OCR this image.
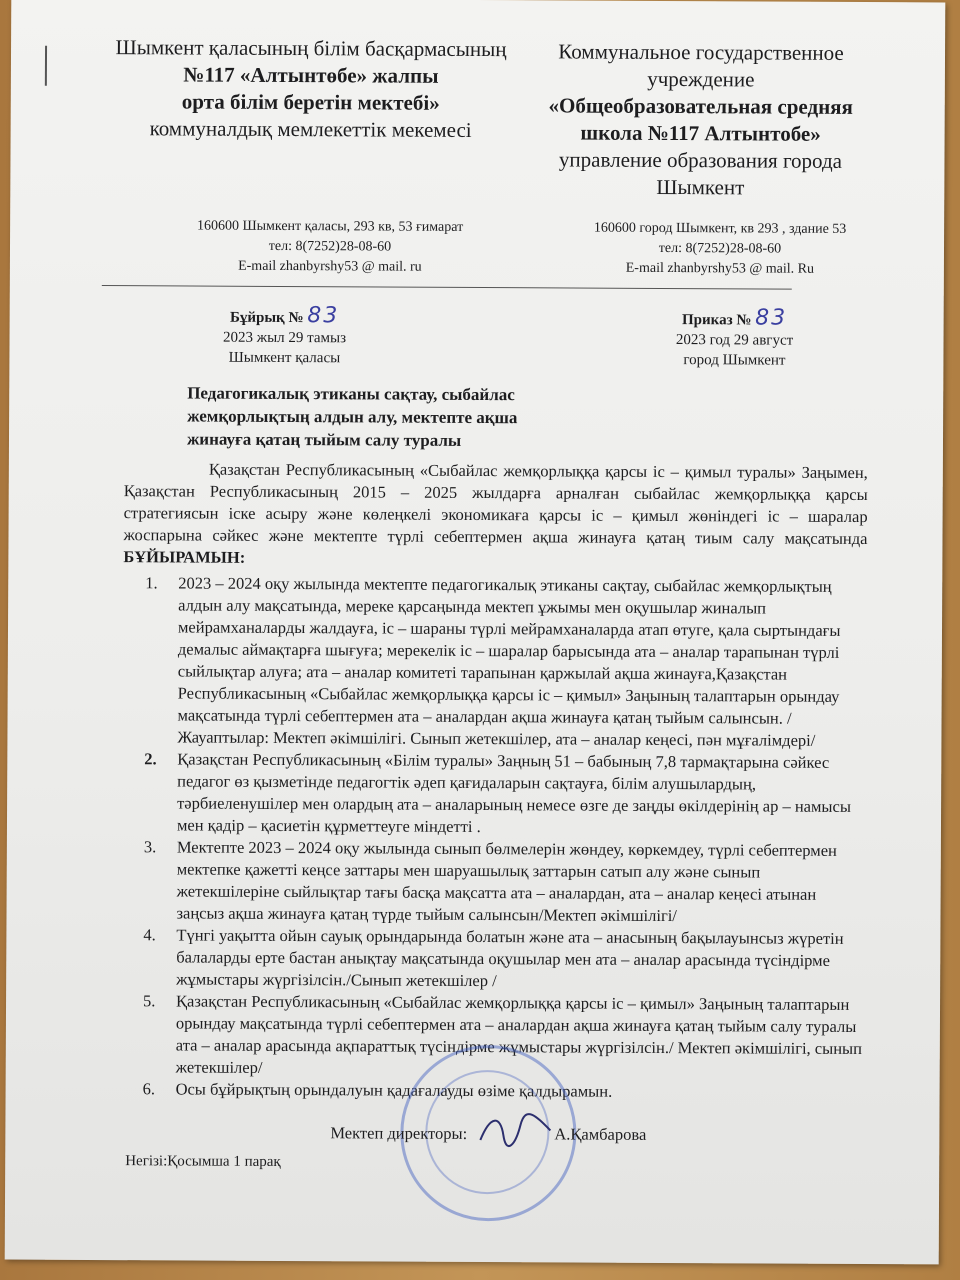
Шымкент қаласының білім басқармасының
№117 «Алтынтөбе» жалпы
орта білім беретін мектебі»
коммуналдық мемлекеттік мекемесі
Коммунальное государственное
учреждение
«Общеобразовательная средняя
школа №117 Алтынтобе»
управление образования города
Шымкент
160600 Шымкент қаласы, 293 кв, 53 ғимарат
тел: 8(7252)28-08-60
E-mail zhanbyrshy53 @ mail. ru
160600 город Шымкент, кв 293 , здание 53
тел: 8(7252)28-08-60
E-mail zhanbyrshy53 @ mail. Ru
Бұйрық № 83
2023 жыл 29 тамыз
Шымкент қаласы
Приказ № 83
2023 год 29 август
город Шымкент
Педагогикалық этиканы сақтау, сыбайлас жемқорлықтың алдын алу, мектепте ақша жинауға қатаң тыйым салу туралы
Қазақстан Республикасының «Сыбайлас жемқорлыққа қарсы іс – қимыл туралы» Заңымен, Қазақстан Республикасының 2015 – 2025 жылдарға арналған сыбайлас жемқорлыққа қарсы стратегиясын іске асыру және көлеңкелі экономикаға қарсы іс – қимыл жөніндегі іс – шаралар жоспарына сәйкес және мектепте түрлі себептермен ақша жинауға қатаң тиым салу мақсатында БҰЙЫРАМЫН:
1. 2023 – 2024 оқу жылында мектепте педагогикалық этиканы сақтау, сыбайлас жемқорлықтың алдын алу мақсатында, мереке қарсаңында мектеп ұжымы мен оқушылар жиналып мейрамханаларды жалдауға, іс – шараны түрлі мейрамханаларда атап өтуге, қала сыртындағы демалыс аймақтарға шығуға; мерекелік іс – шаралар барысында ата – аналар тарапынан түрлі сыйлықтар алуға; ата – аналар комитеті тарапынан қаржылай ақша жинауға,Қазақстан Республикасының «Сыбайлас жемқорлыққа қарсы іс – қимыл» Заңының талаптарын орындау мақсатында түрлі себептермен ата – аналардан ақша жинауға қатаң тыйым салынсын. /Жауаптылар: Мектеп әкімшілігі. Сынып жетекшілер, ата – аналар кеңесі, пән мұғалімдері/
2. Қазақстан Республикасының «Білім туралы» Заңның 51 – бабының 7,8 тармақтарына сәйкес педагог өз қызметінде педагогтік әдеп қағидаларын сақтауға, білім алушылардың, тәрбиеленушілер мен олардың ата – аналарының немесе өзге де заңды өкілдерінің ар – намысы мен қадір – қасиетін құрметтеуге міндетті .
3. Мектепте 2023 – 2024 оқу жылында сынып бөлмелерін жөндеу, көркемдеу, түрлі себептермен мектепке қажетті кеңсе заттары мен шаруашылық заттарын сатып алу және сынып жетекшілеріне сыйлықтар тағы басқа мақсатта ата – аналардан, ата – аналар кеңесі атынан заңсыз ақша жинауға қатаң түрде тыйым салынсын/Мектеп әкімшілігі/
4. Түнгі уақытта ойын сауық орындарында болатын және ата – анасының бақылауынсыз жүретін балаларды ерте бастан анықтау мақсатында оқушылар мен ата – аналар арасында түсіндірме жұмыстары жүргізілсін./Сынып жетекшілер /
5. Қазақстан Республикасының «Сыбайлас жемқорлыққа қарсы іс – қимыл» Заңының талаптарын орындау мақсатында түрлі себептермен ата – аналардан ақша жинауға қатаң тыйым салу туралы ата – аналар арасында ақпараттық түсіндірме жұмыстары жүргізілсін./ Мектеп әкімшілігі, сынып жетекшілер/
6. Осы бұйрықтың орындалуын қадағалауды өзіме қалдырамын.
Мектеп директоры:	А.Қамбарова
Негізі:Қосымша 1 парақ
